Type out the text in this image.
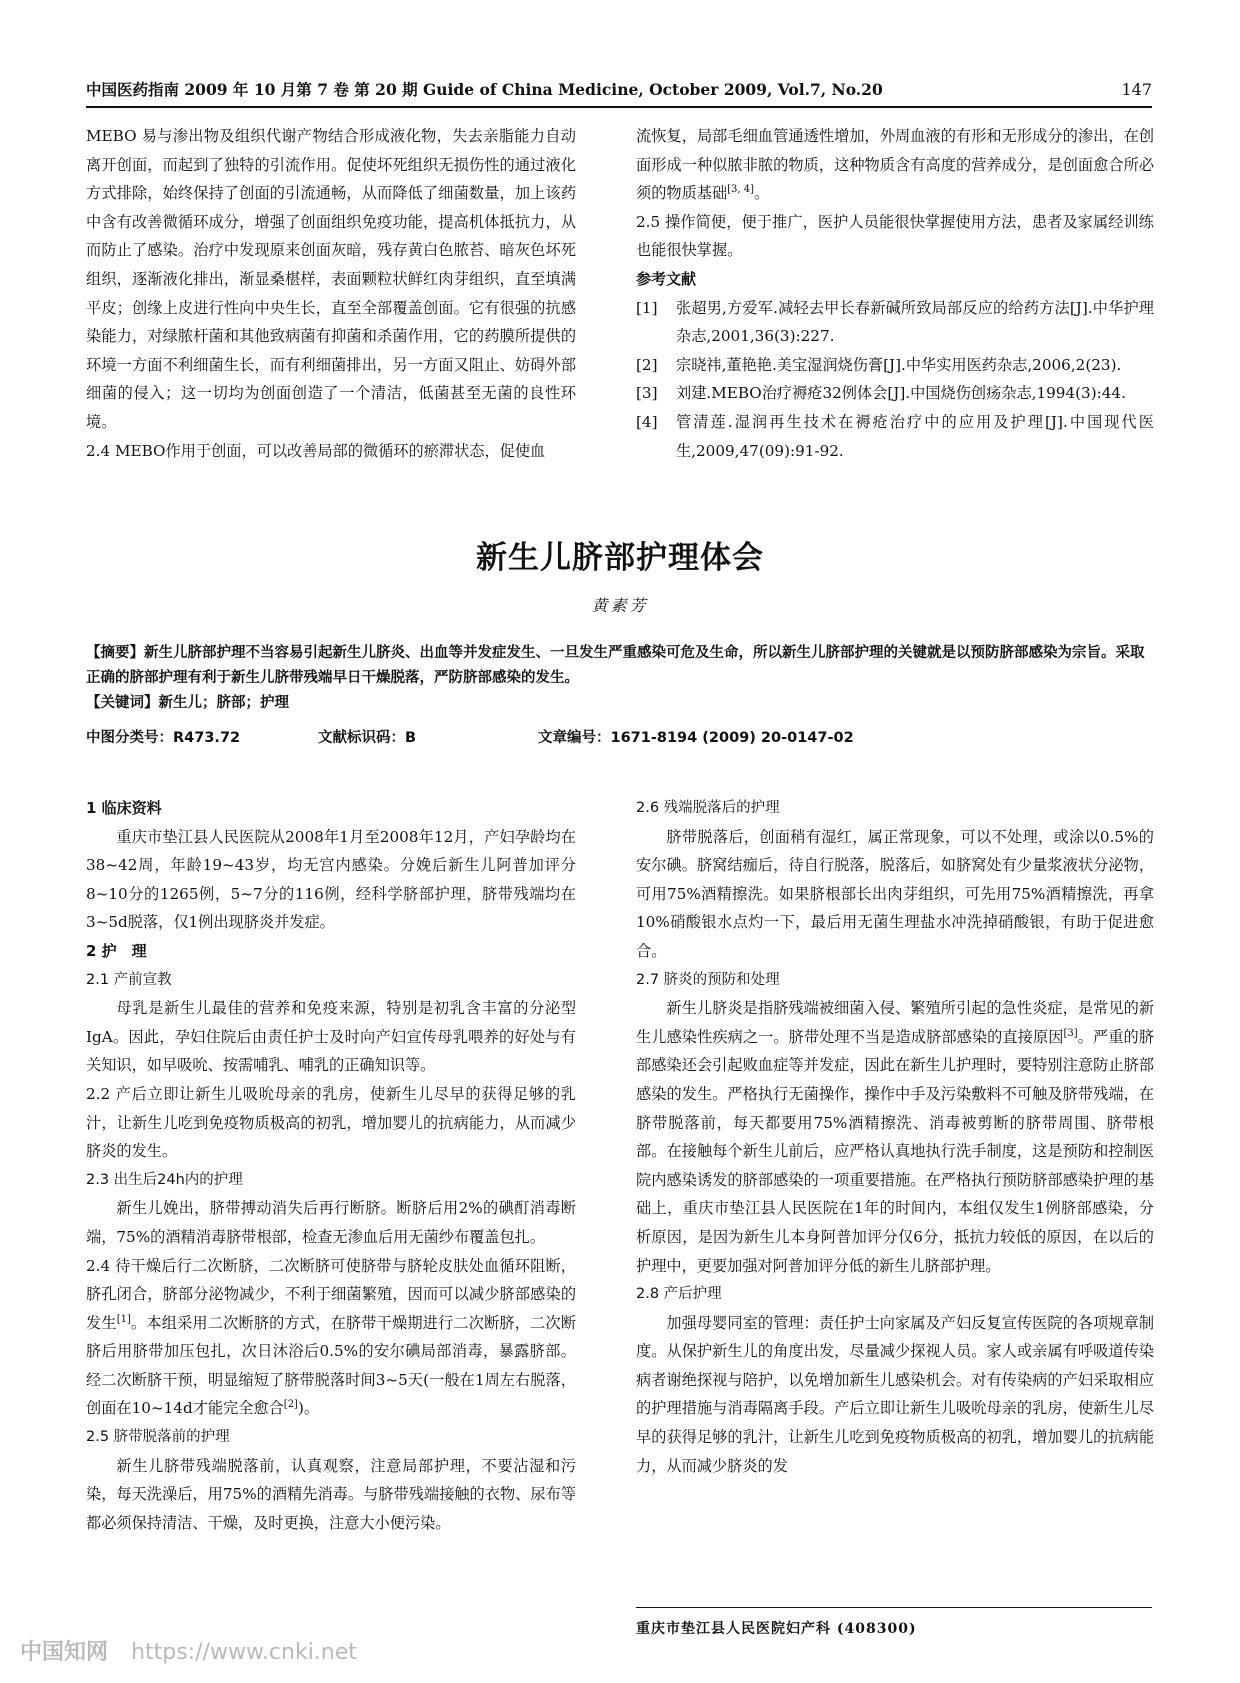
中国医药指南 2009 年 10 月第 7 卷 第 20 期 Guide of China Medicine, October 2009, Vol.7, No.20	147

MEBO 易与渗出物及组织代谢产物结合形成液化物，失去亲脂能力自动离开创面，而起到了独特的引流作用。促使坏死组织无损伤性的通过液化方式排除，始终保持了创面的引流通畅，从而降低了细菌数量，加上该药中含有改善微循环成分，增强了创面组织免疫功能，提高机体抵抗力，从而防止了感染。治疗中发现原来创面灰暗，残存黄白色脓苔、暗灰色坏死组织，逐渐液化排出，渐显桑椹样，表面颗粒状鲜红肉芽组织，直至填满平皮；创缘上皮进行性向中央生长，直至全部覆盖创面。它有很强的抗感染能力，对绿脓杆菌和其他致病菌有抑菌和杀菌作用，它的药膜所提供的环境一方面不利细菌生长，而有利细菌排出，另一方面又阻止、妨碍外部细菌的侵入；这一切均为创面创造了一个清洁，低菌甚至无菌的良性环境。

2.4 MEBO作用于创面，可以改善局部的微循环的瘀滞状态，促使血

流恢复，局部毛细血管通透性增加，外周血液的有形和无形成分的渗出，在创面形成一种似脓非脓的物质，这种物质含有高度的营养成分，是创面愈合所必须的物质基础[3, 4]。

2.5 操作简便，便于推广，医护人员能很快掌握使用方法，患者及家属经训练也能很快掌握。

参考文献

[1] 张超男,方爱军.减轻去甲长春新碱所致局部反应的给药方法[J].中华护理杂志,2001,36(3):227.

[2] 宗晓祎,董艳艳.美宝湿润烧伤膏[J].中华实用医药杂志,2006,2(23).

[3] 刘建.MEBO治疗褥疮32例体会[J].中国烧伤创疡杂志,1994(3):44.

[4] 管清莲.湿润再生技术在褥疮治疗中的应用及护理[J].中国现代医生,2009,47(09):91-92.

新生儿脐部护理体会
黄素芳

【摘要】新生儿脐部护理不当容易引起新生儿脐炎、出血等并发症发生、一旦发生严重感染可危及生命，所以新生儿脐部护理的关键就是以预防脐部感染为宗旨。采取正确的脐部护理有利于新生儿脐带残端早日干燥脱落，严防脐部感染的发生。

【关键词】新生儿；脐部；护理

中图分类号：R473.72	文献标识码：B	文章编号：1671-8194 (2009) 20-0147-02

1 临床资料

重庆市垫江县人民医院从2008年1月至2008年12月，产妇孕龄均在38~42周，年龄19~43岁，均无宫内感染。分娩后新生儿阿普加评分8~10分的1265例，5~7分的116例，经科学脐部护理，脐带残端均在3~5d脱落，仅1例出现脐炎并发症。

2 护　理

2.1 产前宣教

母乳是新生儿最佳的营养和免疫来源，特别是初乳含丰富的分泌型IgA。因此，孕妇住院后由责任护士及时向产妇宣传母乳喂养的好处与有关知识，如早吸吮、按需哺乳、哺乳的正确知识等。

2.2 产后立即让新生儿吸吮母亲的乳房，使新生儿尽早的获得足够的乳汁，让新生儿吃到免疫物质极高的初乳，增加婴儿的抗病能力，从而减少脐炎的发生。

2.3 出生后24h内的护理

新生儿娩出，脐带搏动消失后再行断脐。断脐后用2%的碘酊消毒断端，75%的酒精消毒脐带根部，检查无渗血后用无菌纱布覆盖包扎。

2.4 待干燥后行二次断脐，二次断脐可使脐带与脐轮皮肤处血循环阻断，脐孔闭合，脐部分泌物减少，不利于细菌繁殖，因而可以减少脐部感染的发生[1]。本组采用二次断脐的方式，在脐带干燥期进行二次断脐，二次断脐后用脐带加压包扎，次日沐浴后0.5%的安尔碘局部消毒，暴露脐部。经二次断脐干预，明显缩短了脐带脱落时间3~5天(一般在1周左右脱落，创面在10~14d才能完全愈合[2])。

2.5 脐带脱落前的护理

新生儿脐带残端脱落前，认真观察，注意局部护理，不要沾湿和污染，每天洗澡后，用75%的酒精先消毒。与脐带残端接触的衣物、尿布等都必须保持清洁、干燥，及时更换，注意大小便污染。

2.6 残端脱落后的护理

脐带脱落后，创面稍有湿红，属正常现象，可以不处理，或涂以0.5%的安尔碘。脐窝结痂后，待自行脱落，脱落后，如脐窝处有少量浆液状分泌物，可用75%酒精擦洗。如果脐根部长出肉芽组织，可先用75%酒精擦洗，再拿10%硝酸银水点灼一下，最后用无菌生理盐水冲洗掉硝酸银，有助于促进愈合。

2.7 脐炎的预防和处理

新生儿脐炎是指脐残端被细菌入侵、繁殖所引起的急性炎症，是常见的新生儿感染性疾病之一。脐带处理不当是造成脐部感染的直接原因[3]。严重的脐部感染还会引起败血症等并发症，因此在新生儿护理时，要特别注意防止脐部感染的发生。严格执行无菌操作，操作中手及污染敷料不可触及脐带残端，在脐带脱落前，每天都要用75%酒精擦洗、消毒被剪断的脐带周围、脐带根部。在接触每个新生儿前后，应严格认真地执行洗手制度，这是预防和控制医院内感染诱发的脐部感染的一项重要措施。在严格执行预防脐部感染护理的基础上，重庆市垫江县人民医院在1年的时间内，本组仅发生1例脐部感染，分析原因，是因为新生儿本身阿普加评分仅6分，抵抗力较低的原因，在以后的护理中，更要加强对阿普加评分低的新生儿脐部护理。

2.8 产后护理

加强母婴同室的管理：责任护士向家属及产妇反复宣传医院的各项规章制度。从保护新生儿的角度出发，尽量减少探视人员。家人或亲属有呼吸道传染病者谢绝探视与陪护，以免增加新生儿感染机会。对有传染病的产妇采取相应的护理措施与消毒隔离手段。产后立即让新生儿吸吮母亲的乳房，使新生儿尽早的获得足够的乳汁，让新生儿吃到免疫物质极高的初乳，增加婴儿的抗病能力，从而减少脐炎的发

重庆市垫江县人民医院妇产科 (408300)
中国知网 https://www.cnki.net
